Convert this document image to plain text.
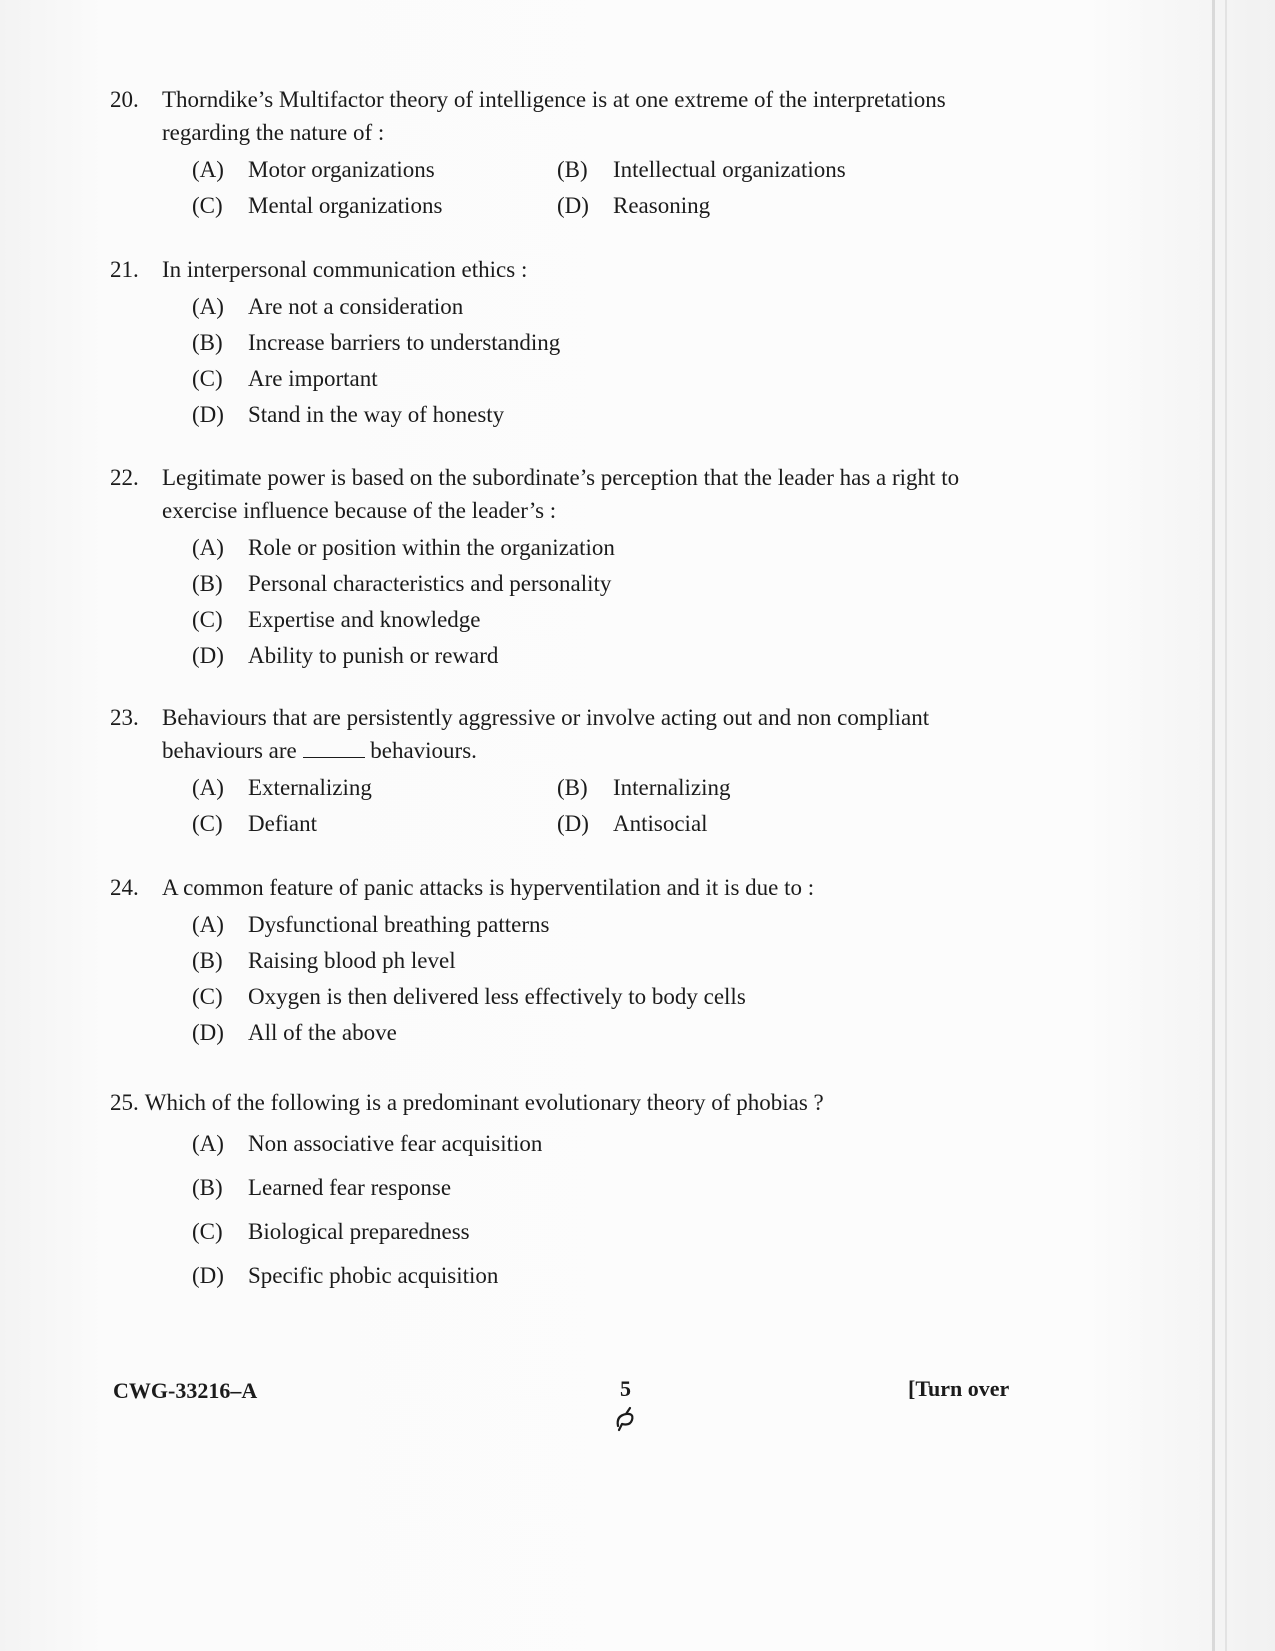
20.	Thorndike’s Multifactor theory of intelligence is at one extreme of the interpretations regarding the nature of :
(A)	Motor organizations	(B)	Intellectual organizations
(C)	Mental organizations	(D)	Reasoning
21.	In interpersonal communication ethics :
(A)	Are not a consideration
(B)	Increase barriers to understanding
(C)	Are important
(D)	Stand in the way of honesty
22.	Legitimate power is based on the subordinate’s perception that the leader has a right to exercise influence because of the leader’s :
(A)	Role or position within the organization
(B)	Personal characteristics and personality
(C)	Expertise and knowledge
(D)	Ability to punish or reward
23.	Behaviours that are persistently aggressive or involve acting out and non compliant behaviours are	behaviours.
(A)	Externalizing	(B)	Internalizing
(C)	Defiant	(D)	Antisocial
24.	A common feature of panic attacks is hyperventilation and it is due to :
(A)	Dysfunctional breathing patterns
(B)	Raising blood ph level
(C)	Oxygen is then delivered less effectively to body cells
(D)	All of the above
25. Which of the following is a predominant evolutionary theory of phobias ?
(A)	Non associative fear acquisition
(B)	Learned fear response
(C)	Biological preparedness
(D)	Specific phobic acquisition
CWG-33216–A	5	[Turn over
